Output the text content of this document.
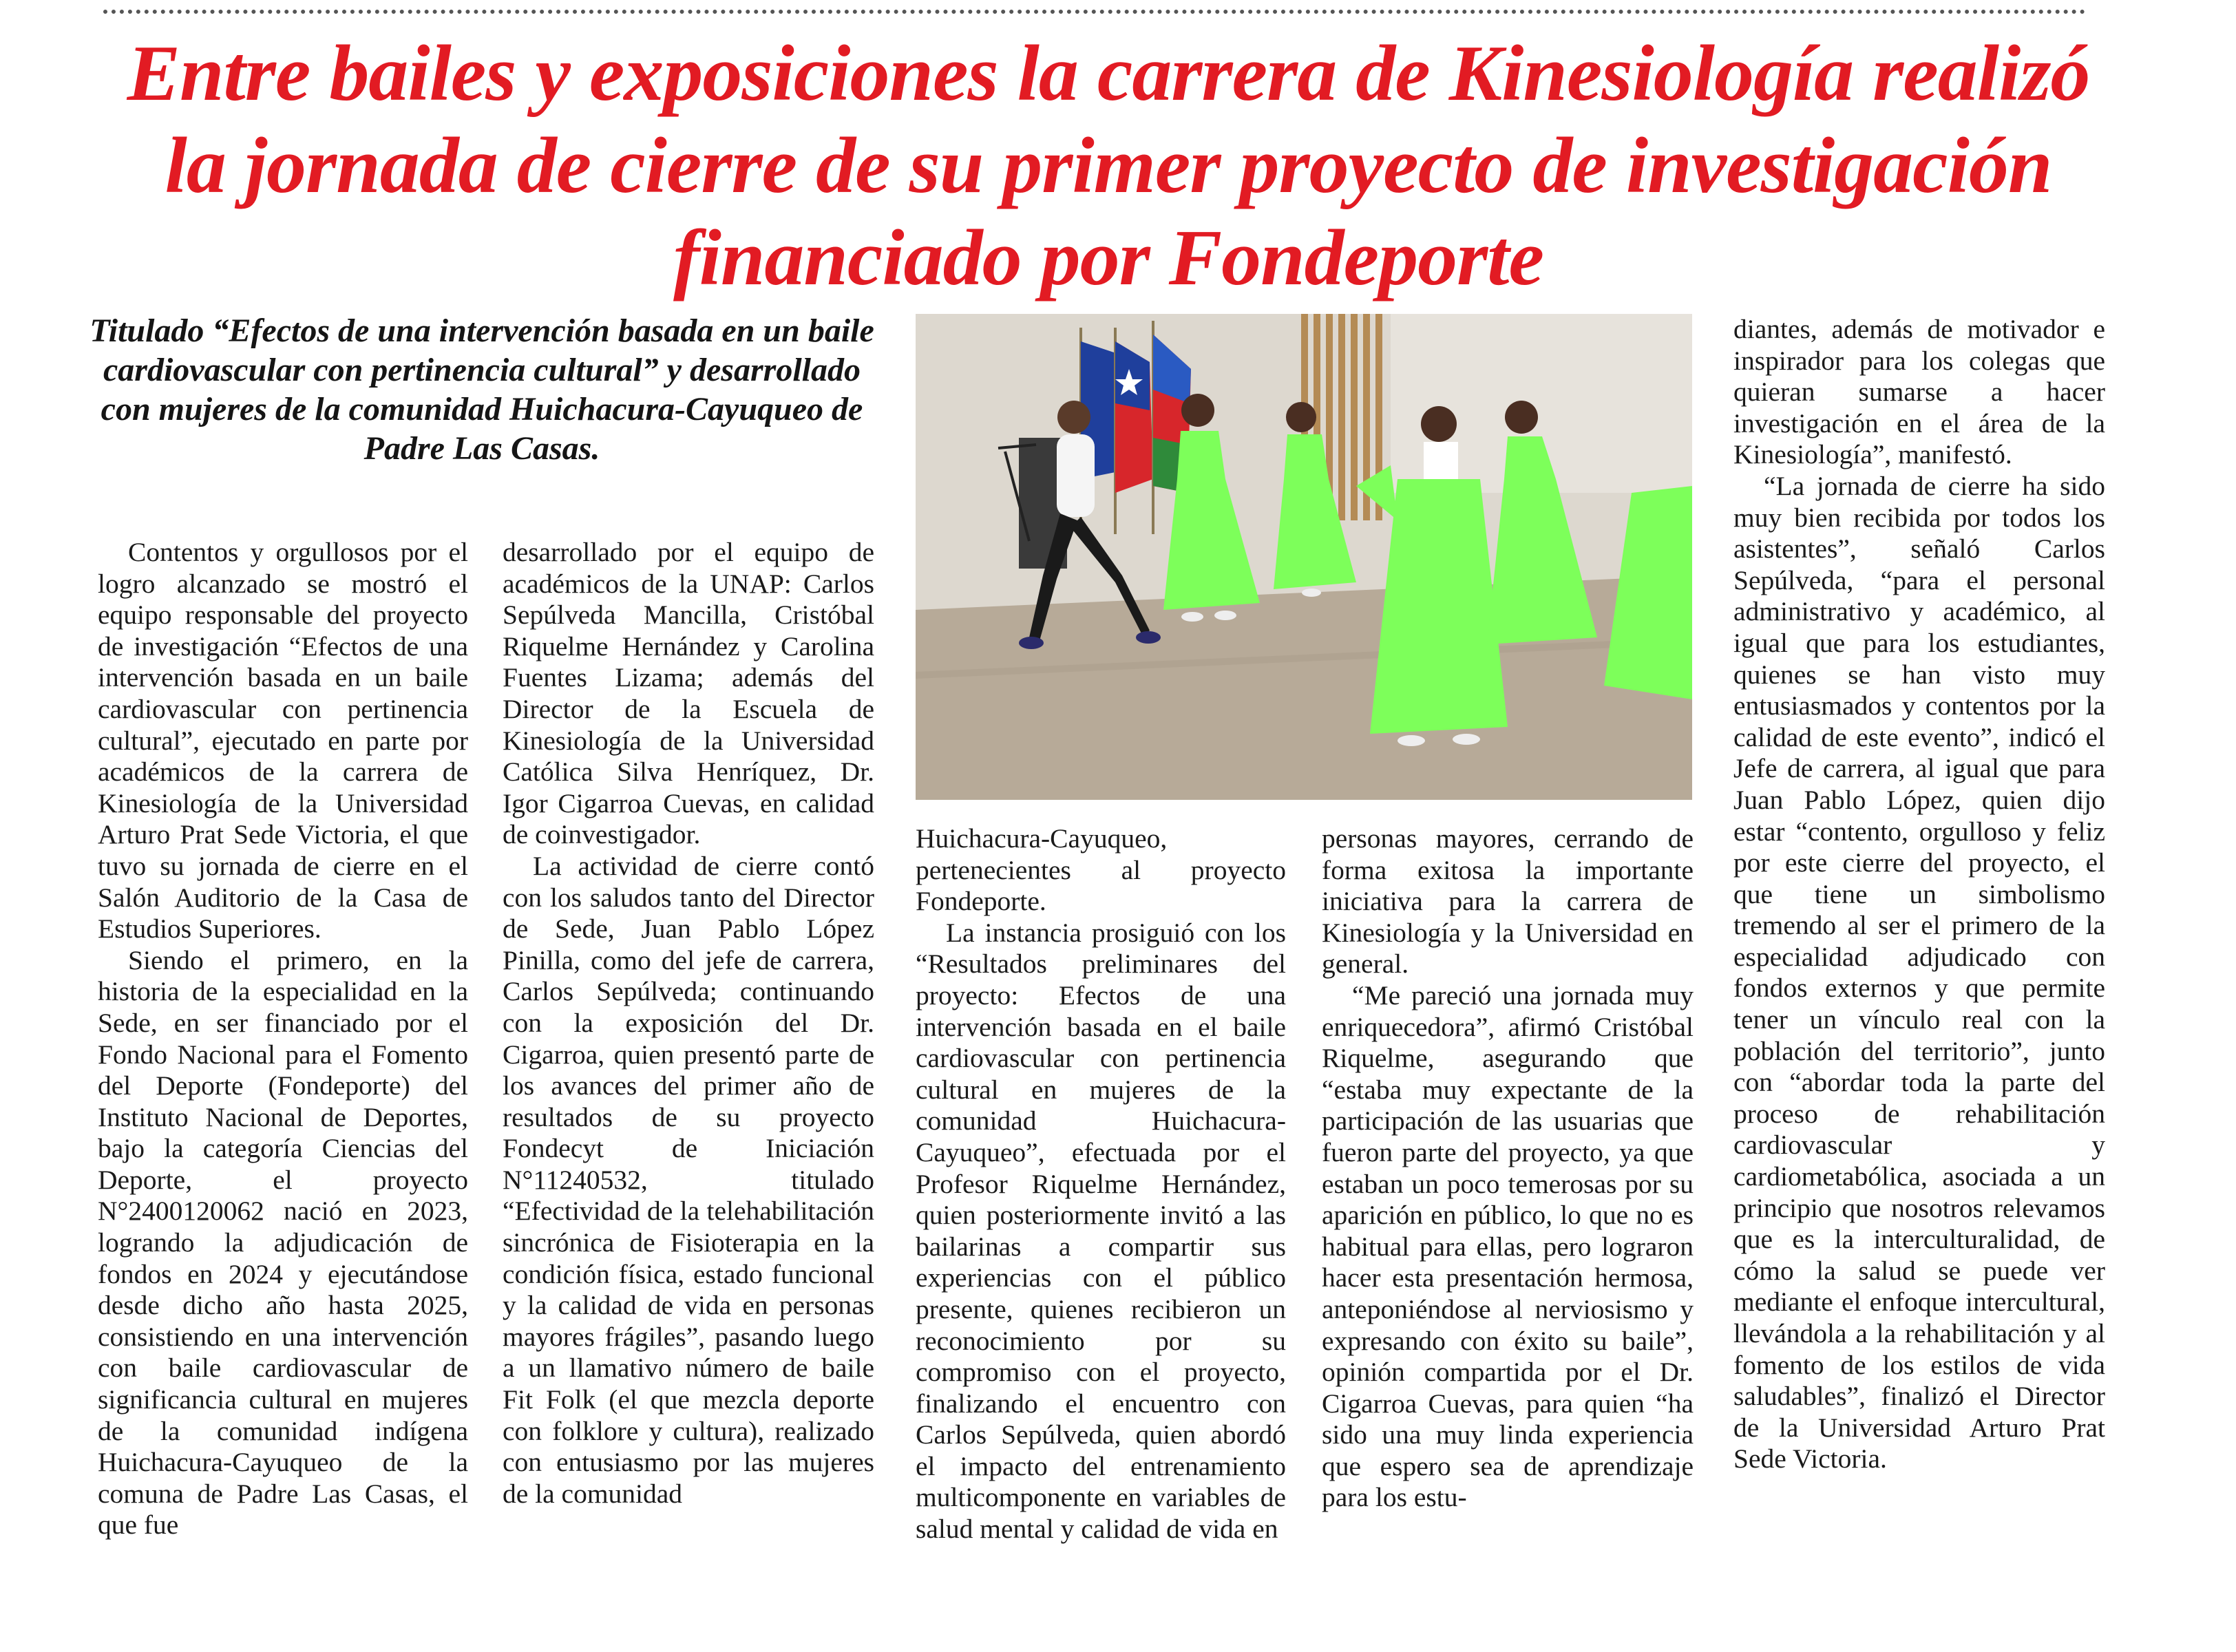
Entre bailes y exposiciones la carrera de Kinesiología realizó la jornada de cierre de su primer proyecto de investigación financiado por Fondeporte

Titulado “Efectos de una intervención basada en un baile cardiovascular con pertinencia cultural” y desarrollado con mujeres de la comunidad Huichacura-Cayuqueo de Padre Las Casas.

Contentos y orgullosos por el logro alcanzado se mostró el equipo responsable del proyecto de investigación “Efectos de una intervención basada en un baile cardiovascular con pertinencia cultural”, ejecutado en parte por académicos de la carrera de Kinesiología de la Universidad Arturo Prat Sede Victoria, el que tuvo su jornada de cierre en el Salón Auditorio de la Casa de Estudios Superiores.

Siendo el primero, en la historia de la especialidad en la Sede, en ser financiado por el Fondo Nacional para el Fomento del Deporte (Fondeporte) del Instituto Nacional de Deportes, bajo la categoría Ciencias del Deporte, el proyecto N°2400120062 nació en 2023, logrando la adjudicación de fondos en 2024 y ejecutándose desde dicho año hasta 2025, consistiendo en una intervención con baile cardiovascular de significancia cultural en mujeres de la comunidad indígena Huichacura-Cayuqueo de la comuna de Padre Las Casas, el que fue

desarrollado por el equipo de académicos de la UNAP: Carlos Sepúlveda Mancilla, Cristóbal Riquelme Hernández y Carolina Fuentes Lizama; además del Director de la Escuela de Kinesiología de la Universidad Católica Silva Henríquez, Dr. Igor Cigarroa Cuevas, en calidad de coinvestigador.

La actividad de cierre contó con los saludos tanto del Director de Sede, Juan Pablo López Pinilla, como del jefe de carrera, Carlos Sepúlveda; continuando con la exposición del Dr. Cigarroa, quien presentó parte de los avances del primer año de resultados de su proyecto Fondecyt de Iniciación N°11240532, titulado “Efectividad de la telehabilitación sincrónica de Fisioterapia en la condición física, estado funcional y la calidad de vida en personas mayores frágiles”, pasando luego a un llamativo número de baile Fit Folk (el que mezcla deporte con folklore y cultura), realizado con entusiasmo por las mujeres de la comunidad

Huichacura-Cayuqueo, pertenecientes al proyecto Fondeporte.

La instancia prosiguió con los “Resultados preliminares del proyecto: Efectos de una intervención basada en el baile cardiovascular con pertinencia cultural en mujeres de la comunidad Huichacura-Cayuqueo”, efectuada por el Profesor Riquelme Hernández, quien posteriormente invitó a las bailarinas a compartir sus experiencias con el público presente, quienes recibieron un reconocimiento por su compromiso con el proyecto, finalizando el encuentro con Carlos Sepúlveda, quien abordó el impacto del entrenamiento multicomponente en variables de salud mental y calidad de vida en

personas mayores, cerrando de forma exitosa la importante iniciativa para la carrera de Kinesiología y la Universidad en general.

“Me pareció una jornada muy enriquecedora”, afirmó Cristóbal Riquelme, asegurando que “estaba muy expectante de la participación de las usuarias que fueron parte del proyecto, ya que estaban un poco temerosas por su aparición en público, lo que no es habitual para ellas, pero lograron hacer esta presentación hermosa, anteponiéndose al nerviosismo y expresando con éxito su baile”, opinión compartida por el Dr. Cigarroa Cuevas, para quien “ha sido una muy linda experiencia que espero sea de aprendizaje para los estu-

diantes, además de motivador e inspirador para los colegas que quieran sumarse a hacer investigación en el área de la Kinesiología”, manifestó.

“La jornada de cierre ha sido muy bien recibida por todos los asistentes”, señaló Carlos Sepúlveda, “para el personal administrativo y académico, al igual que para los estudiantes, quienes se han visto muy entusiasmados y contentos por la calidad de este evento”, indicó el Jefe de carrera, al igual que para Juan Pablo López, quien dijo estar “contento, orgulloso y feliz por este cierre del proyecto, el que tiene un simbolismo tremendo al ser el primero de la especialidad adjudicado con fondos externos y que permite tener un vínculo real con la población del territorio”, junto con “abordar toda la parte del proceso de rehabilitación cardiovascular y cardiometabólica, asociada a un principio que nosotros relevamos que es la interculturalidad, de cómo la salud se puede ver mediante el enfoque intercultural, llevándola a la rehabilitación y al fomento de los estilos de vida saludables”, finalizó el Director de la Universidad Arturo Prat Sede Victoria.
